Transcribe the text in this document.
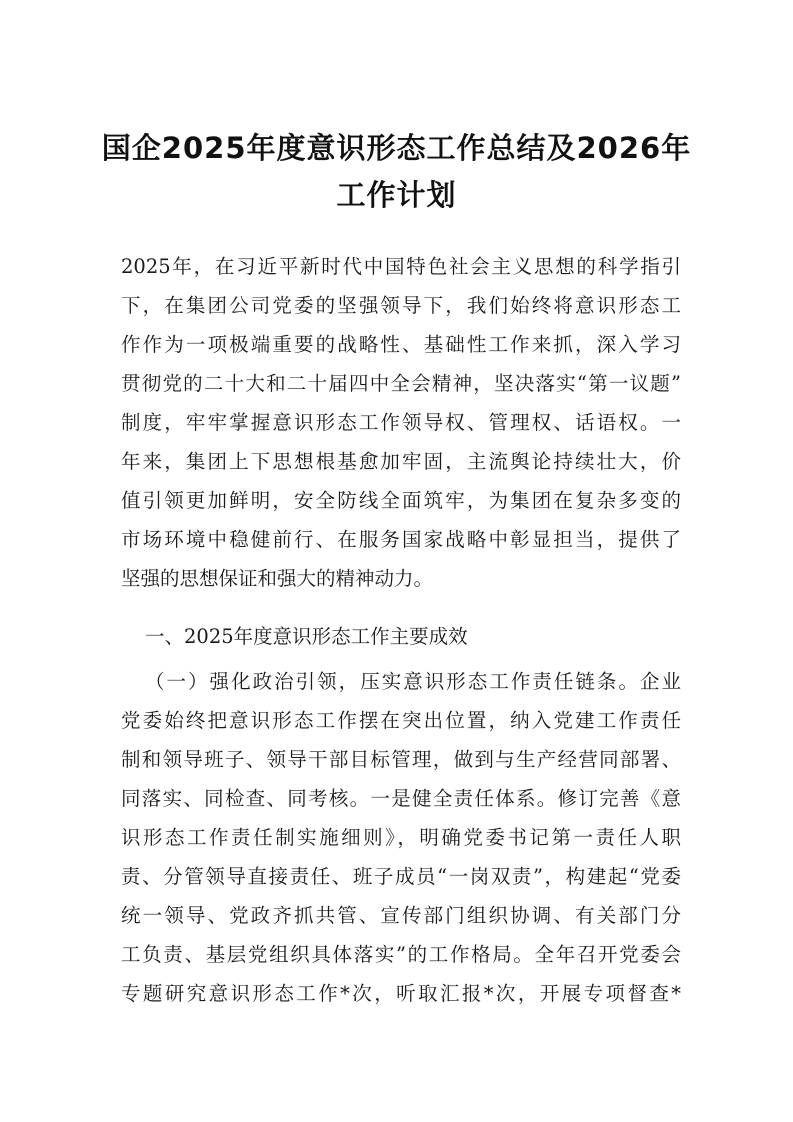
国企2025年度意识形态工作总结及2026年
工作计划
2025年，在习近平新时代中国特色社会主义思想的科学指引
下，在集团公司党委的坚强领导下，我们始终将意识形态工
作作为一项极端重要的战略性、基础性工作来抓，深入学习
贯彻党的二十大和二十届四中全会精神，坚决落实“第一议题”
制度，牢牢掌握意识形态工作领导权、管理权、话语权。一
年来，集团上下思想根基愈加牢固，主流舆论持续壮大，价
值引领更加鲜明，安全防线全面筑牢，为集团在复杂多变的
市场环境中稳健前行、在服务国家战略中彰显担当，提供了
坚强的思想保证和强大的精神动力。
一、2025年度意识形态工作主要成效
（一）强化政治引领，压实意识形态工作责任链条。企业
党委始终把意识形态工作摆在突出位置，纳入党建工作责任
制和领导班子、领导干部目标管理，做到与生产经营同部署、
同落实、同检查、同考核。一是健全责任体系。修订完善《意
识形态工作责任制实施细则》，明确党委书记第一责任人职
责、分管领导直接责任、班子成员“一岗双责”，构建起“党委
统一领导、党政齐抓共管、宣传部门组织协调、有关部门分
工负责、基层党组织具体落实”的工作格局。全年召开党委会
专题研究意识形态工作*次，听取汇报*次，开展专项督查*
